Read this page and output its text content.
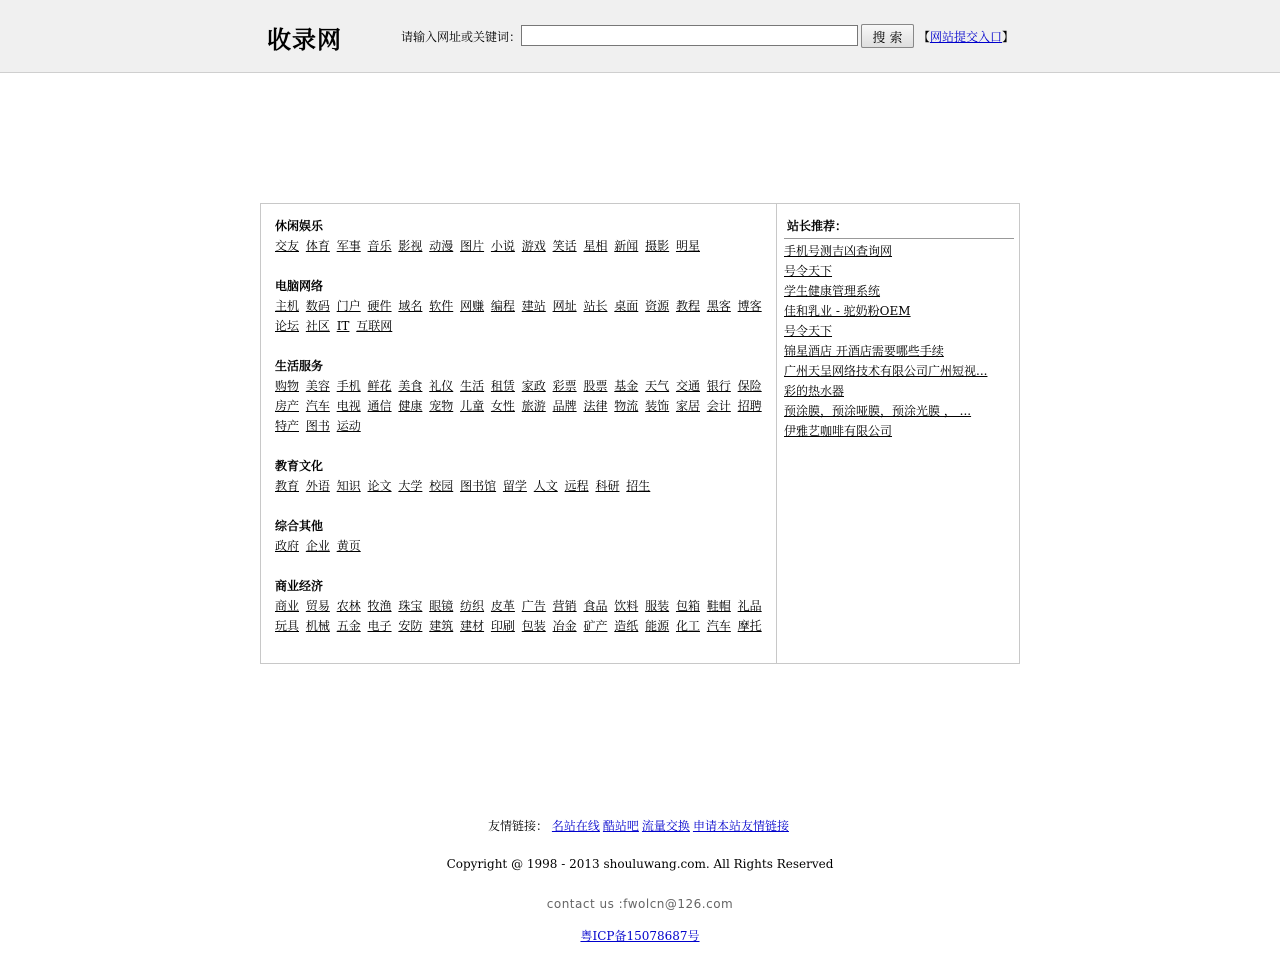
收录网	请输入网址或关键词：	搜 索	【网站提交入口】
休闲娱乐
交友 体育 军事 音乐 影视 动漫 图片 小说 游戏 笑话 星相 新闻 摄影 明星
电脑网络
主机 数码 门户 硬件 域名 软件 网赚 编程 建站 网址 站长 桌面 资源 教程 黑客 博客 论坛 社区 IT 互联网
生活服务
购物 美容 手机 鲜花 美食 礼仪 生活 租赁 家政 彩票 股票 基金 天气 交通 银行 保险 房产 汽车 电视 通信 健康 宠物 儿童 女性 旅游 品牌 法律 物流 装饰 家居 会计 招聘 特产 图书 运动
教育文化
教育 外语 知识 论文 大学 校园 图书馆 留学 人文 远程 科研 招生
综合其他
政府 企业 黄页
商业经济
商业 贸易 农林 牧渔 珠宝 眼镜 纺织 皮革 广告 营销 食品 饮料 服装 包箱 鞋帽 礼品 玩具 机械 五金 电子 安防 建筑 建材 印刷 包装 冶金 矿产 造纸 能源 化工 汽车 摩托
站长推荐：
手机号测吉凶查询网
号令天下
学生健康管理系统
佳和乳业 - 驼奶粉OEM
号令天下
锦星酒店 开酒店需要哪些手续
广州天呈网络技术有限公司广州短视...
彩的热水器
预涂膜，预涂哑膜，预涂光膜 ， ...
伊雅艺咖啡有限公司
友情链接： 名站在线 酷站吧 流量交换 申请本站友情链接
Copyright @ 1998 - 2013 shouluwang.com. All Rights Reserved
contact us :fwolcn@126.com
粤ICP备15078687号
